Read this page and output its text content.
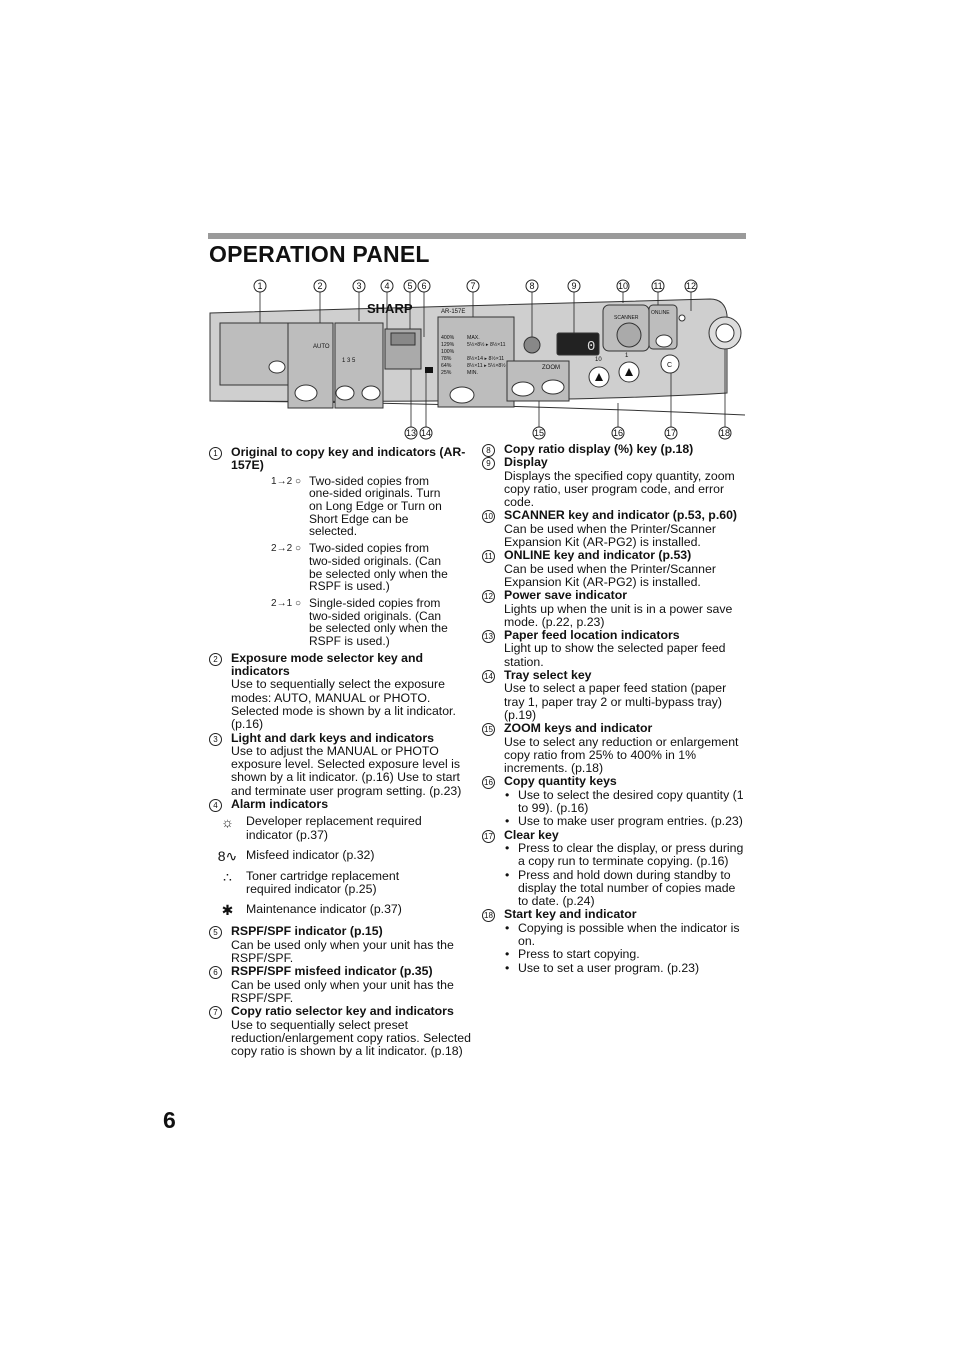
OPERATION PANEL
1	2	3	4 5 6	7	8	9	10	11	12
13 14	15	16	17	18
SHARP	AR-157E
AUTO
1 3 5
400%
129%
100%
78%
64%
25%
MAX.
5½×8½ ▸ 8½×11
8½×14 ▸ 8½×11
8½×11 ▸ 5½×8½
MIN.
ZOOM
0
10
1
SCANNER
ONLINE
C
1	Original to copy key and indicators (AR-157E)
1→2 ○ Two-sided copies from one-sided originals. Turn on Long Edge or Turn on Short Edge can be selected.
2→2 ○ Two-sided copies from two-sided originals. (Can be selected only when the RSPF is used.)
2→1 ○ Single-sided copies from two-sided originals. (Can be selected only when the RSPF is used.)
2	Exposure mode selector key and indicators

Use to sequentially select the exposure modes: AUTO, MANUAL or PHOTO. Selected mode is shown by a lit indicator. (p.16)

3	Light and dark keys and indicators

Use to adjust the MANUAL or PHOTO exposure level. Selected exposure level is shown by a lit indicator. (p.16) Use to start and terminate user program setting. (p.23)

4	Alarm indicators
☼ Developer replacement required indicator (p.37)
8∿ Misfeed indicator (p.32)
∴	Toner cartridge replacement required indicator (p.25)
✱	Maintenance indicator (p.37)
5	RSPF/SPF indicator (p.15)

Can be used only when your unit has the RSPF/SPF.

6	RSPF/SPF misfeed indicator (p.35)

Can be used only when your unit has the RSPF/SPF.

7	Copy ratio selector key and indicators

Use to sequentially select preset reduction/enlargement copy ratios. Selected copy ratio is shown by a lit indicator. (p.18)

8	Copy ratio display (%) key (p.18)
9	Display

Displays the specified copy quantity, zoom copy ratio, user program code, and error code.

10 SCANNER key and indicator (p.53, p.60)

Can be used when the Printer/Scanner Expansion Kit (AR-PG2) is installed.

11 ONLINE key and indicator (p.53)

Can be used when the Printer/Scanner Expansion Kit (AR-PG2) is installed.

12 Power save indicator

Lights up when the unit is in a power save mode. (p.22, p.23)

13 Paper feed location indicators

Light up to show the selected paper feed station.

14 Tray select key

Use to select a paper feed station (paper tray 1, paper tray 2 or multi-bypass tray) (p.19)

15 ZOOM keys and indicator

Use to select any reduction or enlargement copy ratio from 25% to 400% in 1% increments. (p.18)

16 Copy quantity keys
• Use to select the desired copy quantity (1 to 99). (p.16)
• Use to make user program entries. (p.23)
17 Clear key
• Press to clear the display, or press during a copy run to terminate copying. (p.16)
• Press and hold down during standby to display the total number of copies made to date. (p.24)
18 Start key and indicator
• Copying is possible when the indicator is on.
• Press to start copying.
• Use to set a user program. (p.23)
6
